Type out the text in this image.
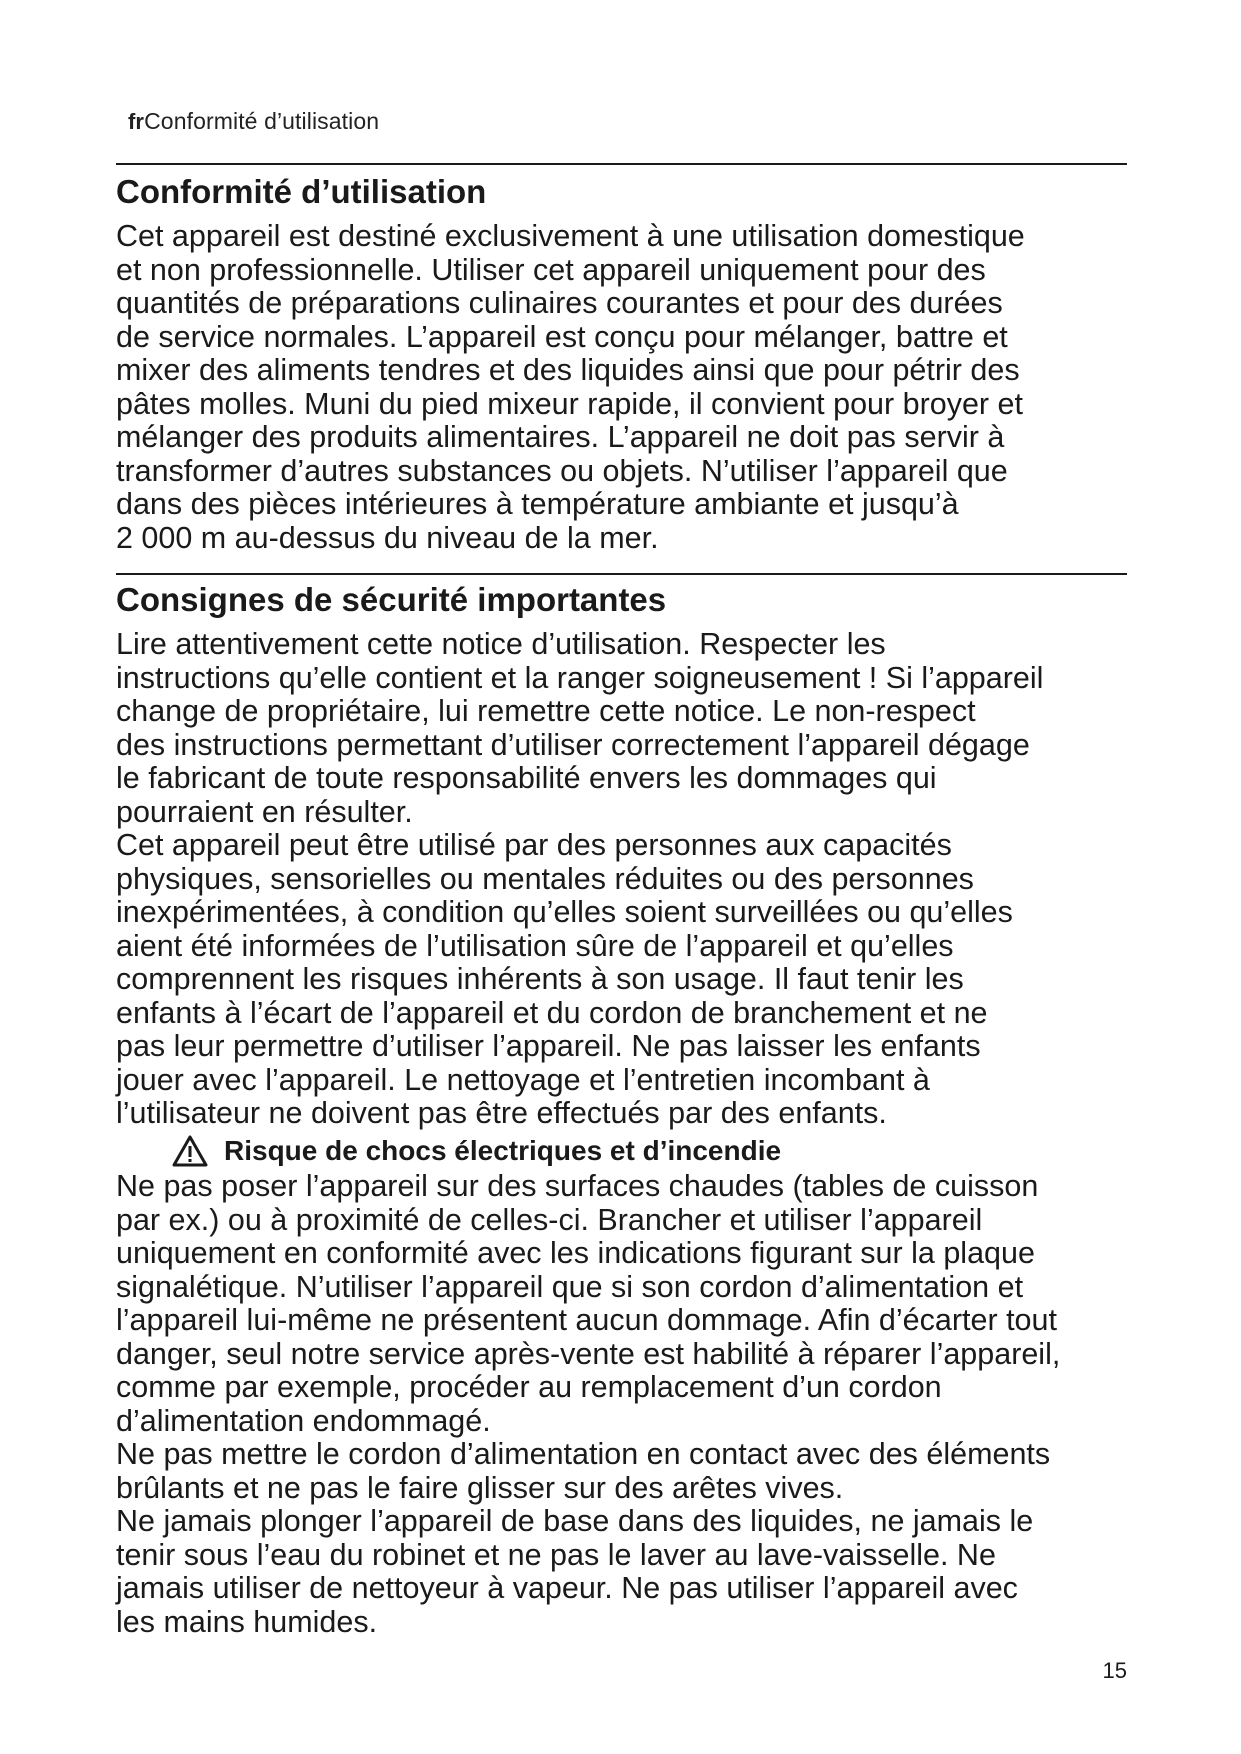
frConformité d’utilisation
Conformité d’utilisation
Cet appareil est destiné exclusivement à une utilisation domestique
et non professionnelle. Utiliser cet appareil uniquement pour des
quantités de préparations culinaires courantes et pour des durées
de service normales. L’appareil est conçu pour mélanger, battre et
mixer des aliments tendres et des liquides ainsi que pour pétrir des
pâtes molles. Muni du pied mixeur rapide, il convient pour broyer et
mélanger des produits alimentaires. L’appareil ne doit pas servir à
transformer d’autres substances ou objets. N’utiliser l’appareil que
dans des pièces intérieures à température ambiante et jusqu’à
2 000 m au-dessus du niveau de la mer.
Consignes de sécurité importantes
Lire attentivement cette notice d’utilisation. Respecter les
instructions qu’elle contient et la ranger soigneusement ! Si l’appareil
change de propriétaire, lui remettre cette notice. Le non-respect
des instructions permettant d’utiliser correctement l’appareil dégage
le fabricant de toute responsabilité envers les dommages qui
pourraient en résulter.
Cet appareil peut être utilisé par des personnes aux capacités
physiques, sensorielles ou mentales réduites ou des personnes
inexpérimentées, à condition qu’elles soient surveillées ou qu’elles
aient été informées de l’utilisation sûre de l’appareil et qu’elles
comprennent les risques inhérents à son usage. Il faut tenir les
enfants à l’écart de l’appareil et du cordon de branchement et ne
pas leur permettre d’utiliser l’appareil. Ne pas laisser les enfants
jouer avec l’appareil. Le nettoyage et l’entretien incombant à
l’utilisateur ne doivent pas être effectués par des enfants.
Risque de chocs électriques et d’incendie
Ne pas poser l’appareil sur des surfaces chaudes (tables de cuisson
par ex.) ou à proximité de celles-ci. Brancher et utiliser l’appareil
uniquement en conformité avec les indications figurant sur la plaque
signalétique. N’utiliser l’appareil que si son cordon d’alimentation et
l’appareil lui-même ne présentent aucun dommage. Afin d’écarter tout
danger, seul notre service après-vente est habilité à réparer l’appareil,
comme par exemple, procéder au remplacement d’un cordon
d’alimentation endommagé.
Ne pas mettre le cordon d’alimentation en contact avec des éléments
brûlants et ne pas le faire glisser sur des arêtes vives.
Ne jamais plonger l’appareil de base dans des liquides, ne jamais le
tenir sous l’eau du robinet et ne pas le laver au lave-vaisselle. Ne
jamais utiliser de nettoyeur à vapeur. Ne pas utiliser l’appareil avec
les mains humides.
15
